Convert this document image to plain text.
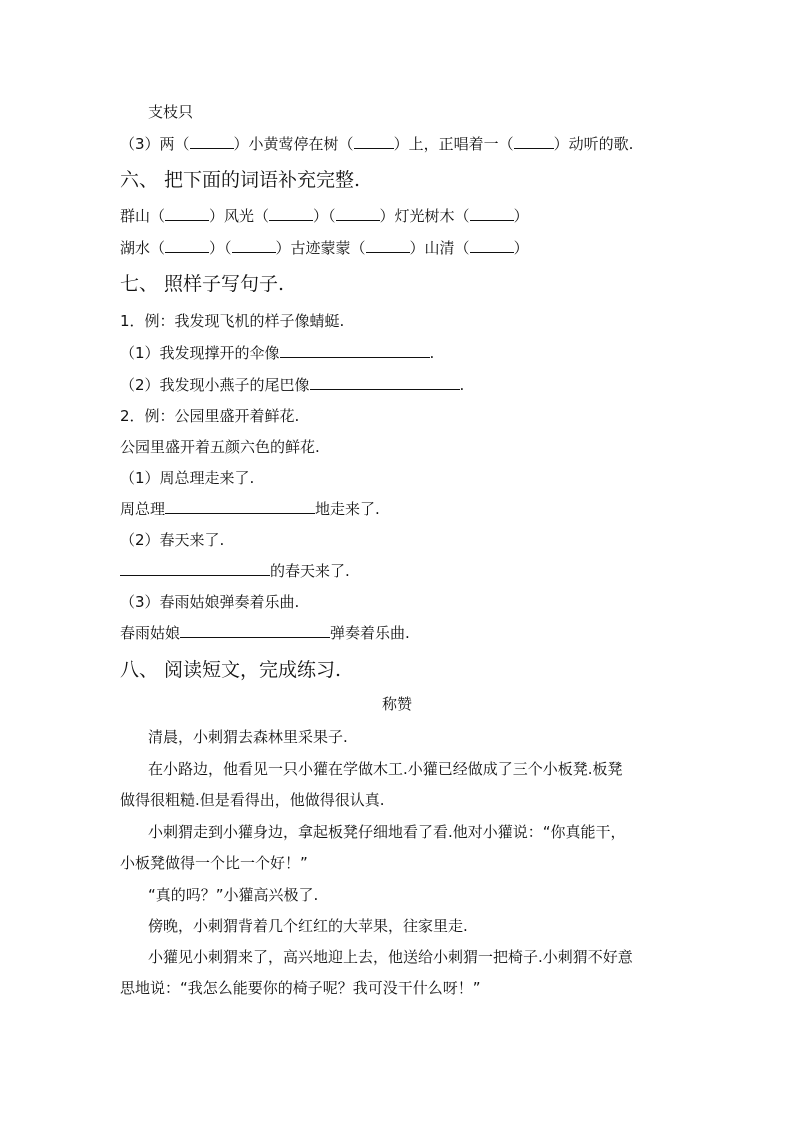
支枝只
（3）两（	）小黄莺停在树（	）上，正唱着一（	）动听的歌.
六、 把下面的词语补充完整.
群山（	）风光（	）（	）灯光树木（	）
湖水（	）（	）古迹蒙蒙（	）山清（	）
七、 照样子写句子.
1．例：我发现飞机的样子像蜻蜓.
（1）我发现撑开的伞像	.
（2）我发现小燕子的尾巴像	.
2．例：公园里盛开着鲜花.
公园里盛开着五颜六色的鲜花.
（1）周总理走来了.
周总理	地走来了.
（2）春天来了.
的春天来了.
（3）春雨姑娘弹奏着乐曲.
春雨姑娘	弹奏着乐曲.
八、 阅读短文，完成练习.
称赞
清晨，小刺猬去森林里采果子.
在小路边，他看见一只小獾在学做木工.小獾已经做成了三个小板凳.板凳
做得很粗糙.但是看得出，他做得很认真.
小刺猬走到小獾身边，拿起板凳仔细地看了看.他对小獾说：“你真能干，
小板凳做得一个比一个好！”
“真的吗？”小獾高兴极了.
傍晚，小刺猬背着几个红红的大苹果，往家里走.
小獾见小刺猬来了，高兴地迎上去，他送给小刺猬一把椅子.小刺猬不好意
思地说：“我怎么能要你的椅子呢？我可没干什么呀！”
